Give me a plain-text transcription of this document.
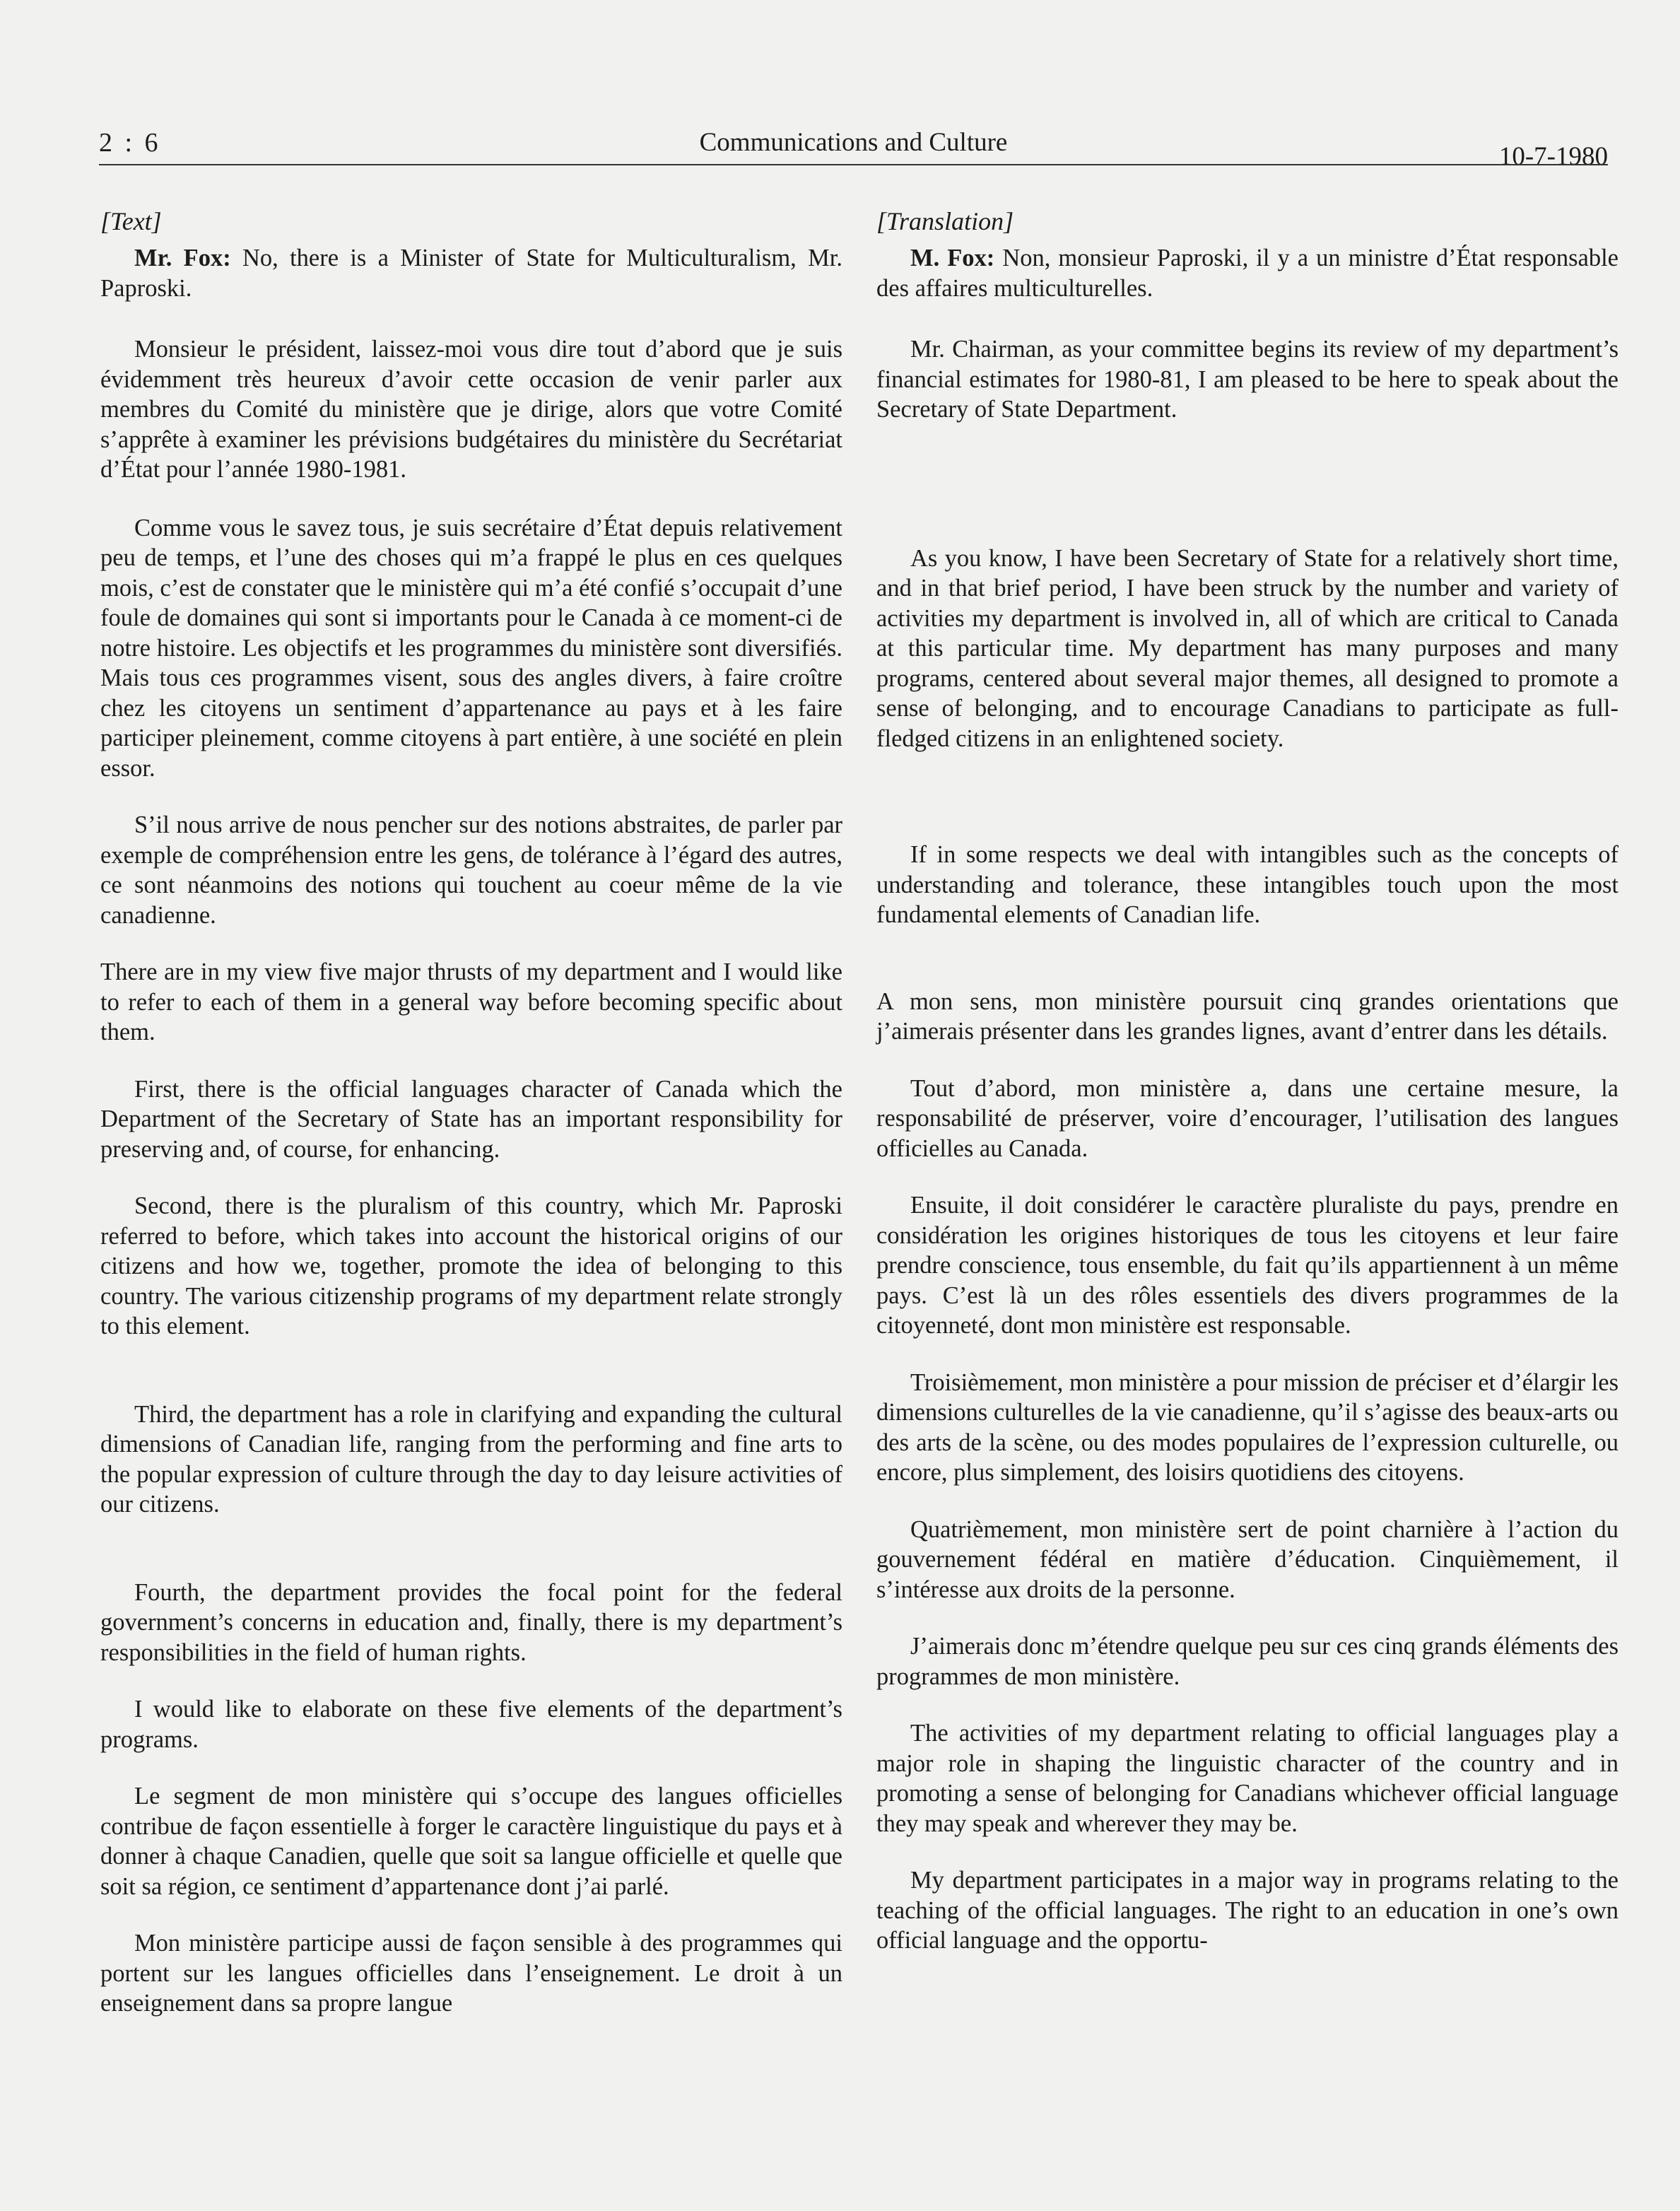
2 : 6	Communications and Culture	10-7-1980
[Text]

Mr. Fox: No, there is a Minister of State for Multiculturalism, Mr. Paproski.

Monsieur le président, laissez-moi vous dire tout d’abord que je suis évidemment très heureux d’avoir cette occasion de venir parler aux membres du Comité du ministère que je dirige, alors que votre Comité s’apprête à examiner les prévisions budgétaires du ministère du Secrétariat d’État pour l’année 1980-1981.

Comme vous le savez tous, je suis secrétaire d’État depuis relativement peu de temps, et l’une des choses qui m’a frappé le plus en ces quelques mois, c’est de constater que le ministère qui m’a été confié s’occupait d’une foule de domaines qui sont si importants pour le Canada à ce moment-ci de notre histoire. Les objectifs et les programmes du ministère sont diversifiés. Mais tous ces programmes visent, sous des angles divers, à faire croître chez les citoyens un sentiment d’appartenance au pays et à les faire participer pleinement, comme citoyens à part entière, à une société en plein essor.

S’il nous arrive de nous pencher sur des notions abstraites, de parler par exemple de compréhension entre les gens, de tolérance à l’égard des autres, ce sont néanmoins des notions qui touchent au coeur même de la vie canadienne.

There are in my view five major thrusts of my department and I would like to refer to each of them in a general way before becoming specific about them.

First, there is the official languages character of Canada which the Department of the Secretary of State has an important responsibility for preserving and, of course, for enhancing.

Second, there is the pluralism of this country, which Mr. Paproski referred to before, which takes into account the historical origins of our citizens and how we, together, promote the idea of belonging to this country. The various citizenship programs of my department relate strongly to this element.

Third, the department has a role in clarifying and expanding the cultural dimensions of Canadian life, ranging from the performing and fine arts to the popular expression of culture through the day to day leisure activities of our citizens.

Fourth, the department provides the focal point for the federal government’s concerns in education and, finally, there is my department’s responsibilities in the field of human rights.

I would like to elaborate on these five elements of the department’s programs.

Le segment de mon ministère qui s’occupe des langues officielles contribue de façon essentielle à forger le caractère linguistique du pays et à donner à chaque Canadien, quelle que soit sa langue officielle et quelle que soit sa région, ce sentiment d’appartenance dont j’ai parlé.

Mon ministère participe aussi de façon sensible à des programmes qui portent sur les langues officielles dans l’enseignement. Le droit à un enseignement dans sa propre langue

[Translation]

M. Fox: Non, monsieur Paproski, il y a un ministre d’État responsable des affaires multiculturelles.

Mr. Chairman, as your committee begins its review of my department’s financial estimates for 1980-81, I am pleased to be here to speak about the Secretary of State Department.

As you know, I have been Secretary of State for a relatively short time, and in that brief period, I have been struck by the number and variety of activities my department is involved in, all of which are critical to Canada at this particular time. My department has many purposes and many programs, centered about several major themes, all designed to promote a sense of belonging, and to encourage Canadians to participate as full-fledged citizens in an enlightened society.

If in some respects we deal with intangibles such as the concepts of understanding and tolerance, these intangibles touch upon the most fundamental elements of Canadian life.

A mon sens, mon ministère poursuit cinq grandes orientations que j’aimerais présenter dans les grandes lignes, avant d’entrer dans les détails.

Tout d’abord, mon ministère a, dans une certaine mesure, la responsabilité de préserver, voire d’encourager, l’utilisation des langues officielles au Canada.

Ensuite, il doit considérer le caractère pluraliste du pays, prendre en considération les origines historiques de tous les citoyens et leur faire prendre conscience, tous ensemble, du fait qu’ils appartiennent à un même pays. C’est là un des rôles essentiels des divers programmes de la citoyenneté, dont mon ministère est responsable.

Troisièmement, mon ministère a pour mission de préciser et d’élargir les dimensions culturelles de la vie canadienne, qu’il s’agisse des beaux-arts ou des arts de la scène, ou des modes populaires de l’expression culturelle, ou encore, plus simplement, des loisirs quotidiens des citoyens.

Quatrièmement, mon ministère sert de point charnière à l’action du gouvernement fédéral en matière d’éducation. Cinquièmement, il s’intéresse aux droits de la personne.

J’aimerais donc m’étendre quelque peu sur ces cinq grands éléments des programmes de mon ministère.

The activities of my department relating to official languages play a major role in shaping the linguistic character of the country and in promoting a sense of belonging for Canadians whichever official language they may speak and wherever they may be.

My department participates in a major way in programs relating to the teaching of the official languages. The right to an education in one’s own official language and the opportu-
